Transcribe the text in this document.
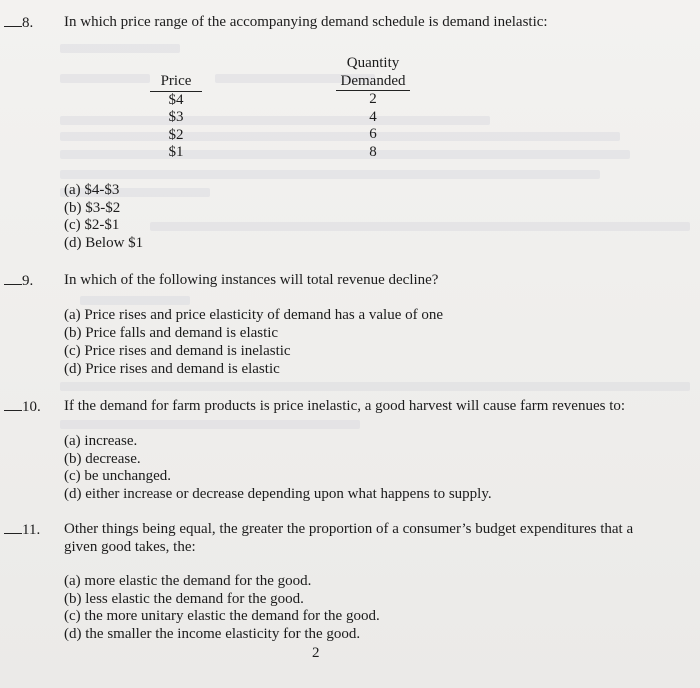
8. In which price range of the accompanying demand schedule is demand inelastic:
Price
$4
$3
$2
$1
Quantity
Demanded
2
4
6
8
(a) $4-$3
(b) $3-$2
(c) $2-$1
(d) Below $1
9. In which of the following instances will total revenue decline?
(a) Price rises and price elasticity of demand has a value of one
(b) Price falls and demand is elastic
(c) Price rises and demand is inelastic
(d) Price rises and demand is elastic
10. If the demand for farm products is price inelastic, a good harvest will cause farm revenues to:
(a) increase.
(b) decrease.
(c) be unchanged.
(d) either increase or decrease depending upon what happens to supply.
11. Other things being equal, the greater the proportion of a consumer’s budget expenditures that a
given good takes, the:
(a) more elastic the demand for the good.
(b) less elastic the demand for the good.
(c) the more unitary elastic the demand for the good.
(d) the smaller the income elasticity for the good.
2
